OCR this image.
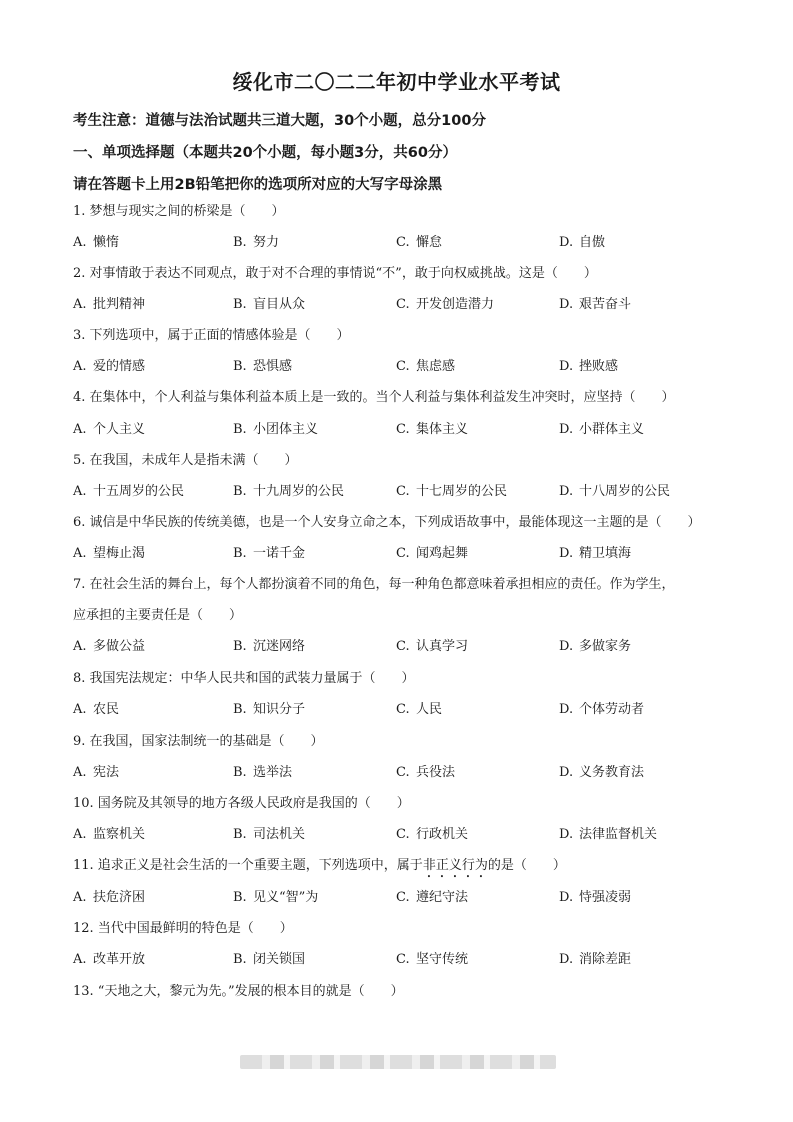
绥化市二〇二二年初中学业水平考试
考生注意：道德与法治试题共三道大题，30个小题，总分100分
一、单项选择题（本题共20个小题，每小题3分，共60分）
请在答题卡上用2B铅笔把你的选项所对应的大写字母涂黑
1. 梦想与现实之间的桥梁是（　　）
A. 懒惰	B. 努力	C. 懈怠	D. 自傲
2. 对事情敢于表达不同观点，敢于对不合理的事情说“不”，敢于向权威挑战。这是（　　）
A. 批判精神	B. 盲目从众	C. 开发创造潜力	D. 艰苦奋斗
3. 下列选项中，属于正面的情感体验是（　　）
A. 爱的情感	B. 恐惧感	C. 焦虑感	D. 挫败感
4. 在集体中，个人利益与集体利益本质上是一致的。当个人利益与集体利益发生冲突时，应坚持（　　）
A. 个人主义	B. 小团体主义	C. 集体主义	D. 小群体主义
5. 在我国，未成年人是指未满（　　）
A. 十五周岁的公民	B. 十九周岁的公民	C. 十七周岁的公民	D. 十八周岁的公民
6. 诚信是中华民族的传统美德，也是一个人安身立命之本，下列成语故事中，最能体现这一主题的是（　　）
A. 望梅止渴	B. 一诺千金	C. 闻鸡起舞	D. 精卫填海
7. 在社会生活的舞台上，每个人都扮演着不同的角色，每一种角色都意味着承担相应的责任。作为学生，
应承担的主要责任是（　　）
A. 多做公益	B. 沉迷网络	C. 认真学习	D. 多做家务
8. 我国宪法规定：中华人民共和国的武装力量属于（　　）
A. 农民	B. 知识分子	C. 人民	D. 个体劳动者
9. 在我国，国家法制统一的基础是（　　）
A. 宪法	B. 选举法	C. 兵役法	D. 义务教育法
10. 国务院及其领导的地方各级人民政府是我国的（　　）
A. 监察机关	B. 司法机关	C. 行政机关	D. 法律监督机关
11. 追求正义是社会生活的一个重要主题，下列选项中，属于非正义行为的是（　　）
A. 扶危济困	B. 见义“智”为	C. 遵纪守法	D. 恃强凌弱
12. 当代中国最鲜明的特色是（　　）
A. 改革开放	B. 闭关锁国	C. 坚守传统	D. 消除差距
13. “天地之大，黎元为先。”发展的根本目的就是（　　）
